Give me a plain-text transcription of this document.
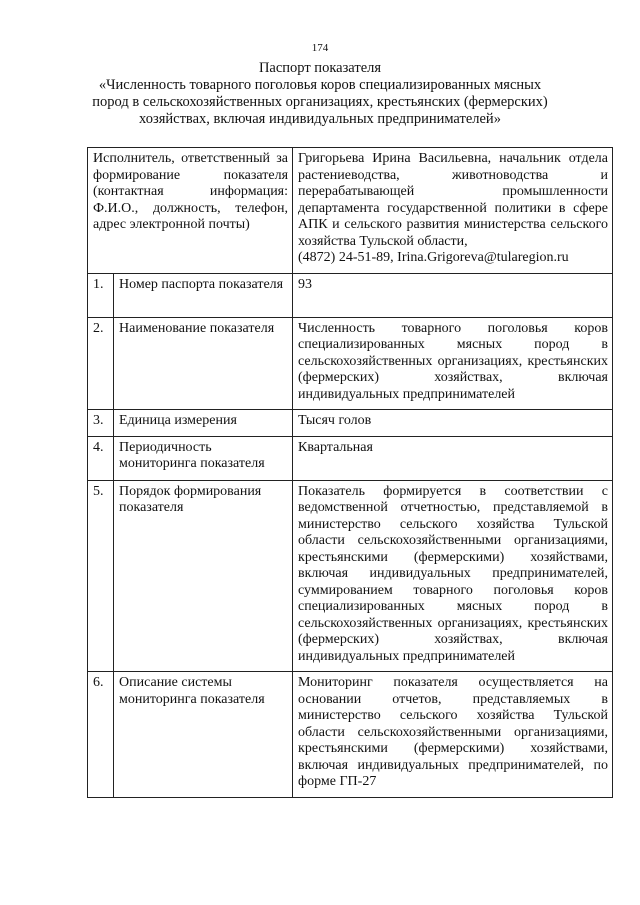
174
Паспорт показателя
«Численность товарного поголовья коров специализированных мясных
пород в сельскохозяйственных организациях, крестьянских (фермерских)
хозяйствах, включая индивидуальных предпринимателей»
Исполнитель, ответственный за формирование показателя (контактная информация: Ф.И.О., должность, телефон, адрес электронной почты)		Григорьева Ирина Васильевна, начальник отдела растениеводства, животноводства и перерабатывающей промышленности департамента государственной политики в сфере АПК и сельского развития министерства сельского хозяйства Тульской области,
(4872) 24-51-89, Irina.Grigoreva@tularegion.ru

1.	Номер паспорта показателя	93
2.	Наименование показателя	Численность товарного поголовья коров специализированных мясных пород в сельскохозяйственных организациях, крестьянских (фермерских) хозяйствах, включая индивидуальных предпринимателей
3.	Единица измерения	Тысяч голов
4.	Периодичность мониторинга показателя	Квартальная
5.	Порядок формирования показателя	Показатель формируется в соответствии с ведомственной отчетностью, представляемой в министерство сельского хозяйства Тульской области сельскохозяйственными организациями, крестьянскими (фермерскими) хозяйствами, включая индивидуальных предпринимателей, суммированием товарного поголовья коров специализированных мясных пород в сельскохозяйственных организациях, крестьянских (фермерских) хозяйствах, включая индивидуальных предпринимателей
6.	Описание системы мониторинга показателя	Мониторинг показателя осуществляется на основании отчетов, представляемых в министерство сельского хозяйства Тульской области сельскохозяйственными организациями, крестьянскими (фермерскими) хозяйствами, включая индивидуальных предпринимателей, по форме ГП-27
